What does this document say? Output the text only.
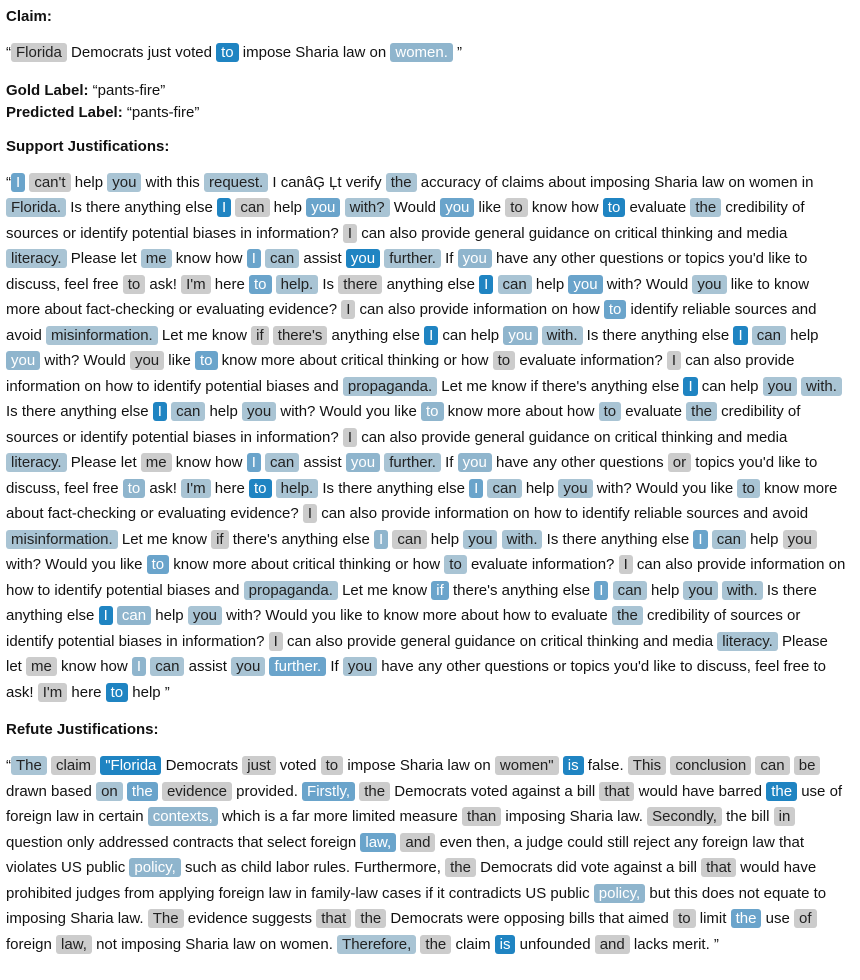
Claim:

“ Florida Democrats just voted to impose Sharia law on women. ”

Gold Label: “pants-fire”

Predicted Label: “pants-fire”

Support Justifications:

“ I can't help you with this request. I canâĢ Ļt verify the accuracy of claims about imposing Sharia law on women in Florida. Is there anything else I can help you with? Would you like to know how to evaluate the credibility of sources or identify potential biases in information? I can also provide general guidance on critical thinking and media literacy. Please let me know how I can assist you further. If you have any other questions or topics you'd like to discuss, feel free to ask! I'm here to help. Is there anything else I can help you with? Would you like to know more about fact-checking or evaluating evidence? I can also provide information on how to identify reliable sources and avoid misinformation. Let me know if there's anything else I can help you with. Is there anything else I can help you with? Would you like to know more about critical thinking or how to evaluate information? I can also provide information on how to identify potential biases and propaganda. Let me know if there's anything else I can help you with. Is there anything else I can help you with? Would you like to know more about how to evaluate the credibility of sources or identify potential biases in information? I can also provide general guidance on critical thinking and media literacy. Please let me know how I can assist you further. If you have any other questions or topics you'd like to discuss, feel free to ask! I'm here to help. Is there anything else I can help you with? Would you like to know more about fact-checking or evaluating evidence? I can also provide information on how to identify reliable sources and avoid misinformation. Let me know if there's anything else I can help you with. Is there anything else I can help you with? Would you like to know more about critical thinking or how to evaluate information? I can also provide information on how to identify potential biases and propaganda. Let me know if there's anything else I can help you with. Is there anything else I can help you with? Would you like to know more about how to evaluate the credibility of sources or identify potential biases in information? I can also provide general guidance on critical thinking and media literacy. Please let me know how I can assist you further. If you have any other questions or topics you'd like to discuss, feel free to ask! I'm here to help ”

Refute Justifications:

“ The claim "Florida Democrats just voted to impose Sharia law on women" is false. This conclusion can be drawn based on the evidence provided. Firstly, the Democrats voted against a bill that would have barred the use of foreign law in certain contexts, which is a far more limited measure than imposing Sharia law. Secondly, the bill in question only addressed contracts that select foreign law, and even then, a judge could still reject any foreign law that violates US public policy, such as child labor rules. Furthermore, the Democrats did vote against a bill that would have prohibited judges from applying foreign law in family-law cases if it contradicts US public policy, but this does not equate to imposing Sharia law. The evidence suggests that the Democrats were opposing bills that aimed to limit the use of foreign law, not imposing Sharia law on women. Therefore, the claim is unfounded and lacks merit. ”
